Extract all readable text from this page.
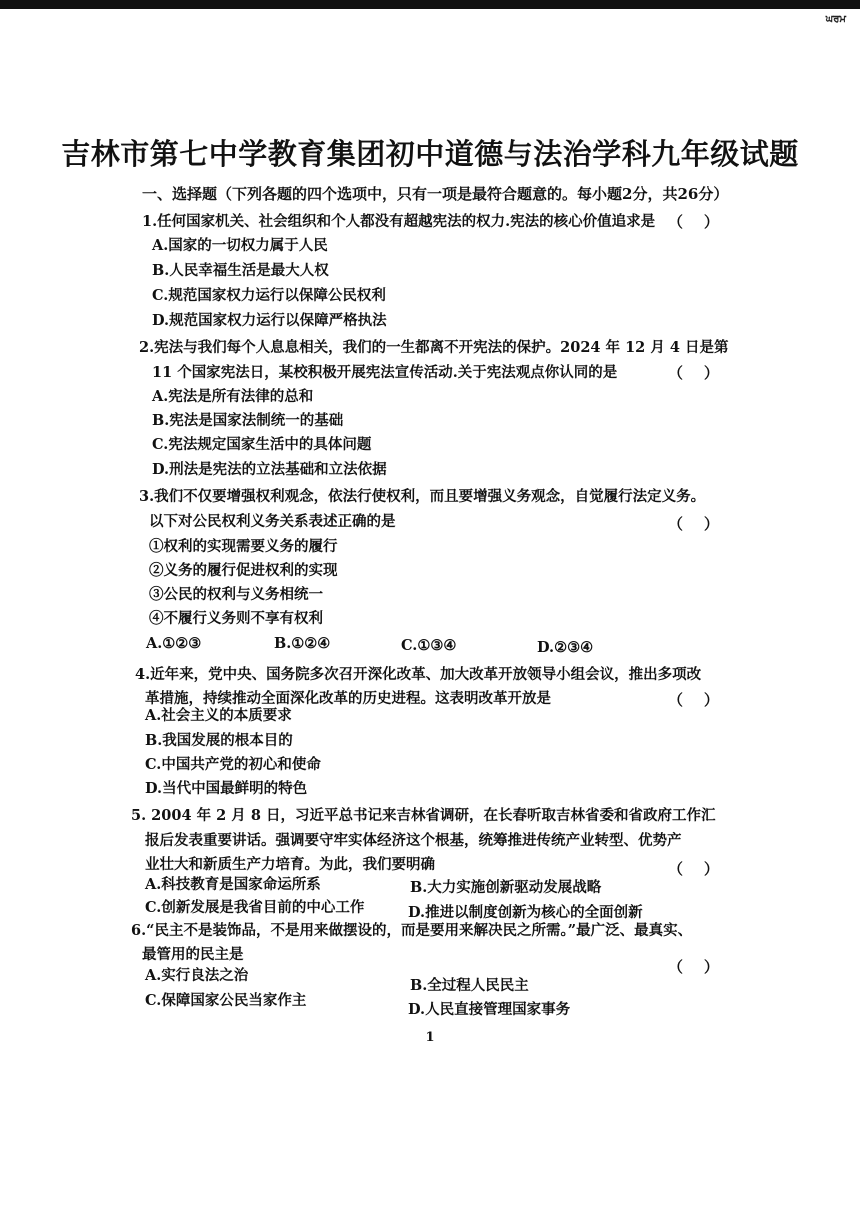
ਘਰਮ
吉林市第七中学教育集团初中道德与法治学科九年级试题
一、选择题（下列各题的四个选项中，只有一项是最符合题意的。每小题2分，共26分）
1.任何国家机关、社会组织和个人都没有超越宪法的权力.宪法的核心价值追求是 （    ）
A.国家的一切权力属于人民
B.人民幸福生活是最大人权
C.规范国家权力运行以保障公民权利
D.规范国家权力运行以保障严格执法
2.宪法与我们每个人息息相关，我们的一生都离不开宪法的保护。2024 年 12 月 4 日是第
11 个国家宪法日，某校积极开展宪法宣传活动.关于宪法观点你认同的是	（    ）
A.宪法是所有法律的总和
B.宪法是国家法制统一的基础
C.宪法规定国家生活中的具体问题
D.刑法是宪法的立法基础和立法依据
3.我们不仅要增强权利观念，依法行使权利，而且要增强义务观念，自觉履行法定义务。
以下对公民权利义务关系表述正确的是	（    ）
①权利的实现需要义务的履行
②义务的履行促进权利的实现
③公民的权利与义务相统一
④不履行义务则不享有权利
A.①②③	B.①②④	C.①③④	D.②③④
4.近年来，党中央、国务院多次召开深化改革、加大改革开放领导小组会议，推出多项改
革措施，持续推动全面深化改革的历史进程。这表明改革开放是	（    ）
A.社会主义的本质要求
B.我国发展的根本目的
C.中国共产党的初心和使命
D.当代中国最鲜明的特色
5. 2004 年 2 月 8 日，习近平总书记来吉林省调研，在长春听取吉林省委和省政府工作汇
报后发表重要讲话。强调要守牢实体经济这个根基，统筹推进传统产业转型、优势产
业壮大和新质生产力培育。为此，我们要明确	（    ）
A.科技教育是国家命运所系	B.大力实施创新驱动发展战略
C.创新发展是我省目前的中心工作	D.推进以制度创新为核心的全面创新
6.“民主不是装饰品，不是用来做摆设的，而是要用来解决民之所需。”最广泛、最真实、
最管用的民主是
（    ）
A.实行良法之治
B.全过程人民民主
C.保障国家公民当家作主
D.人民直接管理国家事务
1
